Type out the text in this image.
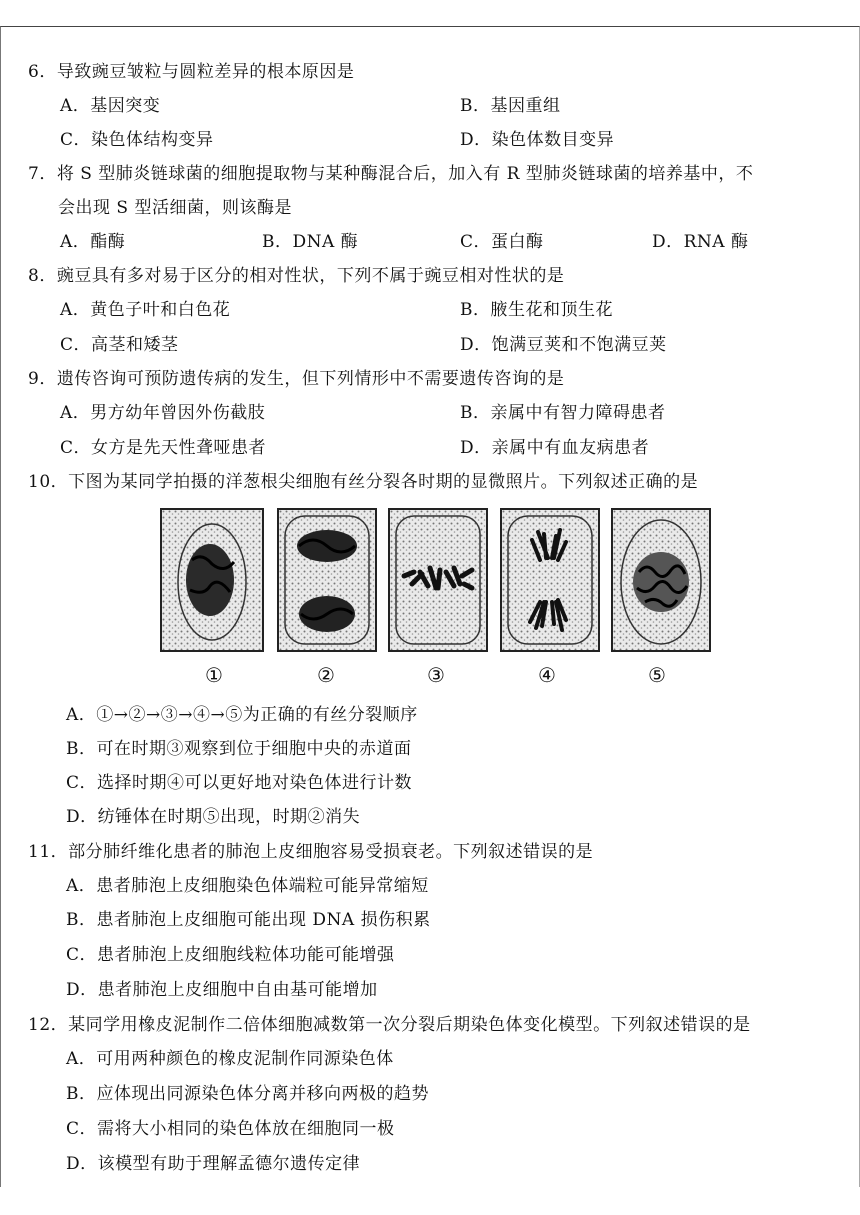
6．导致豌豆皱粒与圆粒差异的根本原因是
A．基因突变	B．基因重组
C．染色体结构变异	D．染色体数目变异
7．将 S 型肺炎链球菌的细胞提取物与某种酶混合后，加入有 R 型肺炎链球菌的培养基中，不
会出现 S 型活细菌，则该酶是
A．酯酶	B．DNA 酶	C．蛋白酶	D．RNA 酶
8．豌豆具有多对易于区分的相对性状，下列不属于豌豆相对性状的是
A．黄色子叶和白色花	B．腋生花和顶生花
C．高茎和矮茎	D．饱满豆荚和不饱满豆荚
9．遗传咨询可预防遗传病的发生，但下列情形中不需要遗传咨询的是
A．男方幼年曾因外伤截肢	B．亲属中有智力障碍患者
C．女方是先天性聋哑患者	D．亲属中有血友病患者
10．下图为某同学拍摄的洋葱根尖细胞有丝分裂各时期的显微照片。下列叙述正确的是
①	②	③	④	⑤
A．①→②→③→④→⑤为正确的有丝分裂顺序
B．可在时期③观察到位于细胞中央的赤道面
C．选择时期④可以更好地对染色体进行计数
D．纺锤体在时期⑤出现，时期②消失
11．部分肺纤维化患者的肺泡上皮细胞容易受损衰老。下列叙述错误的是
A．患者肺泡上皮细胞染色体端粒可能异常缩短
B．患者肺泡上皮细胞可能出现 DNA 损伤积累
C．患者肺泡上皮细胞线粒体功能可能增强
D．患者肺泡上皮细胞中自由基可能增加
12．某同学用橡皮泥制作二倍体细胞减数第一次分裂后期染色体变化模型。下列叙述错误的是
A．可用两种颜色的橡皮泥制作同源染色体
B．应体现出同源染色体分离并移向两极的趋势
C．需将大小相同的染色体放在细胞同一极
D．该模型有助于理解孟德尔遗传定律
